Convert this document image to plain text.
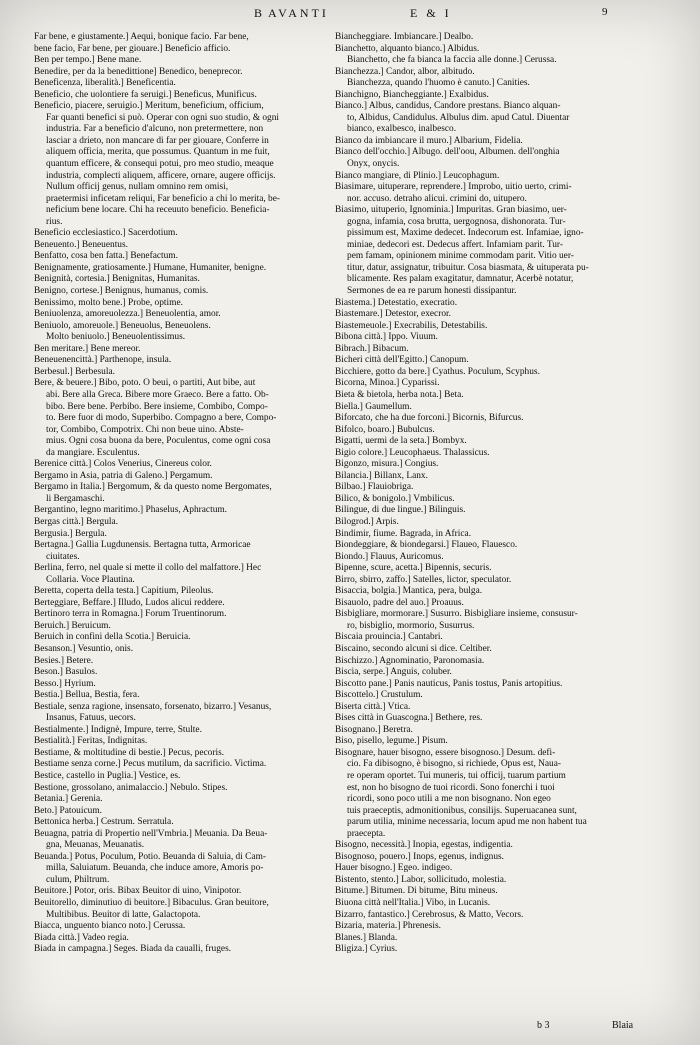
B AVANTI	E & I	9

Far bene, e giustamente.] Aequi, bonique facio. Far bene,

bene facio, Far bene, per giouare.] Beneficio afficio.

Ben per tempo.] Bene mane.

Benedire, per da la benedittione] Benedico, beneprecor.

Beneficenza, liberalità.] Beneficentia.

Beneficio, che uolontiere fa seruigi.] Beneficus, Munificus.

Beneficio, piacere, seruigio.] Meritum, beneficium, officium,

Far quanti benefici si può. Operar con ogni suo studio, & ogni

industria. Far a beneficio d'alcuno, non pretermettere, non

lasciar a drieto, non mancare di far per giouare, Conferre in

aliquem officia, merita, que possumus. Quantum in me fuit,

quantum efficere, & consequi potui, pro meo studio, meaque

industria, complecti aliquem, afficere, ornare, augere officijs.

Nullum officij genus, nullam omnino rem omisi,

praetermisi inficetam reliqui, Far beneficio a chi lo merita, be-

neficium bene locare. Chi ha receuuto beneficio. Beneficia-

rius.

Beneficio ecclesiastico.] Sacerdotium.

Beneuento.] Beneuentus.

Benfatto, cosa ben fatta.] Benefactum.

Benignamente, gratiosamente.] Humane, Humaniter, benigne.

Benignità, cortesia.] Benignitas, Humanitas.

Benigno, cortese.] Benignus, humanus, comis.

Benissimo, molto bene.] Probe, optime.

Beniuolenza, amoreuolezza.] Beneuolentia, amor.

Beniuolo, amoreuole.] Beneuolus, Beneuolens.

Molto beniuolo.] Beneuolentissimus.

Ben meritare.] Bene mereor.

Beneuenencittà.] Parthenope, insula.

Berbesul.] Berbesula.

Bere, & beuere.] Bibo, poto. O beui, o partiti, Aut bibe, aut

abi. Bere alla Greca. Bibere more Graeco. Bere a fatto. Ob-

bibo. Bere bene. Perbibo. Bere insieme, Combibo, Compo-

to. Bere fuor di modo, Superbibo. Compagno a bere, Compo-

tor, Combibo, Compotrix. Chi non beue uino. Abste-

mius. Ogni cosa buona da bere, Poculentus, come ogni cosa

da mangiare. Esculentus.

Berenice città.] Colos Venerius, Cinereus color.

Bergamo in Asia, patria di Galeno.] Pergamum.

Bergamo in Italia.] Bergomum, & da questo nome Bergomates,

li Bergamaschi.

Bergantino, legno maritimo.] Phaselus, Aphractum.

Bergas città.] Bergula.

Bergusia.] Bergula.

Bertagna.] Gallia Lugdunensis. Bertagna tutta, Armoricae

ciuitates.

Berlina, ferro, nel quale si mette il collo del malfattore.] Hec

Collaria. Voce Plautina.

Beretta, coperta della testa.] Capitium, Pileolus.

Berteggiare, Beffare.] Illudo, Ludos alicui reddere.

Bertinoro terra in Romagna.] Forum Truentinorum.

Beruich.] Beruicum.

Beruich in confini della Scotia.] Beruicia.

Besanson.] Vesuntio, onis.

Besies.] Betere.

Beson.] Basulos.

Besso.] Hyrium.

Bestia.] Bellua, Bestia, fera.

Bestiale, senza ragione, insensato, forsenato, bizarro.] Vesanus,

Insanus, Fatuus, uecors.

Bestialmente.] Indignè, Impure, terre, Stulte.

Bestialità.] Feritas, Indignitas.

Bestiame, & moltitudine di bestie.] Pecus, pecoris.

Bestiame senza corne.] Pecus mutilum, da sacrificio. Victima.

Bestice, castello in Puglia.] Vestice, es.

Bestione, grossolano, animalaccio.] Nebulo. Stipes.

Betania.] Gerenia.

Beto.] Patouicum.

Bettonica herba.] Cestrum. Serratula.

Beuagna, patria di Propertio nell'Vmbria.] Meuania. Da Beua-

gna, Meuanas, Meuanatis.

Beuanda.] Potus, Poculum, Potio. Beuanda di Saluia, di Cam-

milla, Saluiatum. Beuanda, che induce amore, Amoris po-

culum, Philtrum.

Beuitore.] Potor, oris. Bibax Beuitor di uino, Vinipotor.

Beuitorello, diminutiuo di beuitore.] Bibaculus. Gran beuitore,

Multibibus. Beuitor di latte, Galactopota.

Biacca, unguento bianco noto.] Cerussa.

Biada città.] Vadeo regia.

Biada in campagna.] Seges. Biada da caualli, fruges.

Biancheggiare. Imbiancare.] Dealbo.

Bianchetto, alquanto bianco.] Albidus.

Bianchetto, che fa bianca la faccia alle donne.] Cerussa.

Bianchezza.] Candor, albor, albitudo.

Bianchezza, quando l'huomo è canuto.] Canities.

Bianchigno, Biancheggiante.] Exalbidus.

Bianco.] Albus, candidus, Candore prestans. Bianco alquan-

to, Albidus, Candidulus. Albulus dim. apud Catul. Diuentar

bianco, exalbesco, inalbesco.

Bianco da imbiancare il muro.] Albarium, Fidelia.

Bianco dell'occhio.] Albugo. dell'oou, Albumen. dell'onghia

Onyx, onycis.

Bianco mangiare, di Plinio.] Leucophagum.

Biasimare, uituperare, reprendere.] Improbo, uitio uerto, crimi-

nor. accuso. detraho alicui. crimini do, uitupero.

Biasimo, uituperio, Ignominia.] Impuritas. Gran biasimo, uer-

gogna, infamia, cosa brutta, uergognosa, dishonorata. Tur-

pissimum est, Maxime dedecet. Indecorum est. Infamiae, igno-

miniae, dedecori est. Dedecus affert. Infamiam parit. Tur-

pem famam, opinionem minime commodam parit. Vitio uer-

titur, datur, assignatur, tribuitur. Cosa biasmata, & uituperata pu-

blicamente. Res palam exagitatur, damnatur, Acerbè notatur,

Sermones de ea re parum honesti dissipantur.

Biastema.] Detestatio, execratio.

Biastemare.] Detestor, execror.

Biastemeuole.] Execrabilis, Detestabilis.

Bibona città.] Ippo. Viuum.

Bibrach.] Bibacum.

Bicheri città dell'Egitto.] Canopum.

Bicchiere, gotto da bere.] Cyathus. Poculum, Scyphus.

Bicorna, Minoa.] Cyparissi.

Bieta & bietola, herba nota.] Beta.

Biella.] Gaumellum.

Biforcato, che ha due forconi.] Bicornis, Bifurcus.

Bifolco, boaro.] Bubulcus.

Bigatti, uermi de la seta.] Bombyx.

Bigio colore.] Leucophaeus. Thalassicus.

Bigonzo, misura.] Congius.

Bilancia.] Billanx, Lanx.

Bilbao.] Flauiobriga.

Bilico, & bonigolo.] Vmbilicus.

Bilingue, di due lingue.] Bilinguis.

Bilogrod.] Arpis.

Bindimir, fiume. Bagrada, in Africa.

Biondeggiare, & biondegarsi.] Flaueo, Flauesco.

Biondo.] Flauus, Auricomus.

Bipenne, scure, acetta.] Bipennis, securis.

Birro, sbirro, zaffo.] Satelles, lictor, speculator.

Bisaccia, bolgia.] Mantica, pera, bulga.

Bisauolo, padre del auo.] Proauus.

Bisbigliare, mormorare.] Susurro. Bisbigliare insieme, consusur-

ro, bisbiglio, mormorio, Susurrus.

Biscaia prouincia.] Cantabri.

Biscaino, secondo alcuni si dice. Celtiber.

Bischizzo.] Agnominatio, Paronomasia.

Biscia, serpe.] Anguis, coluber.

Biscotto pane.] Panis nauticus, Panis tostus, Panis artopitius.

Biscottelo.] Crustulum.

Biserta città.] Vtica.

Bises città in Guascogna.] Bethere, res.

Bisognano.] Beretra.

Biso, pisello, legume.] Pisum.

Bisognare, hauer bisogno, essere bisognoso.] Desum. defi-

cio. Fa dibisogno, è bisogno, si richiede, Opus est, Naua-

re operam oportet. Tui muneris, tui officij, tuarum partium

est, non ho bisogno de tuoi ricordi. Sono fonerchi i tuoi

ricordi, sono poco utili a me non bisognano. Non egeo

tuis praeceptis, admonitionibus, consilijs. Superuacanea sunt,

parum utilia, minime necessaria, locum apud me non habent tua

praecepta.

Bisogno, necessità.] Inopia, egestas, indigentia.

Bisognoso, pouero.] Inops, egenus, indignus.

Hauer bisogno.] Egeo. indigeo.

Bistento, stento.] Labor, sollicitudo, molestia.

Bitume.] Bitumen. Di bitume, Bitu mineus.

Biuona città nell'Italia.] Vibo, in Lucanis.

Bizarro, fantastico.] Cerebrosus, & Matto, Vecors.

Bizaria, materia.] Phrenesis.

Blanes.] Blanda.

Bligiza.] Cyrius.

b 3	Blaia
